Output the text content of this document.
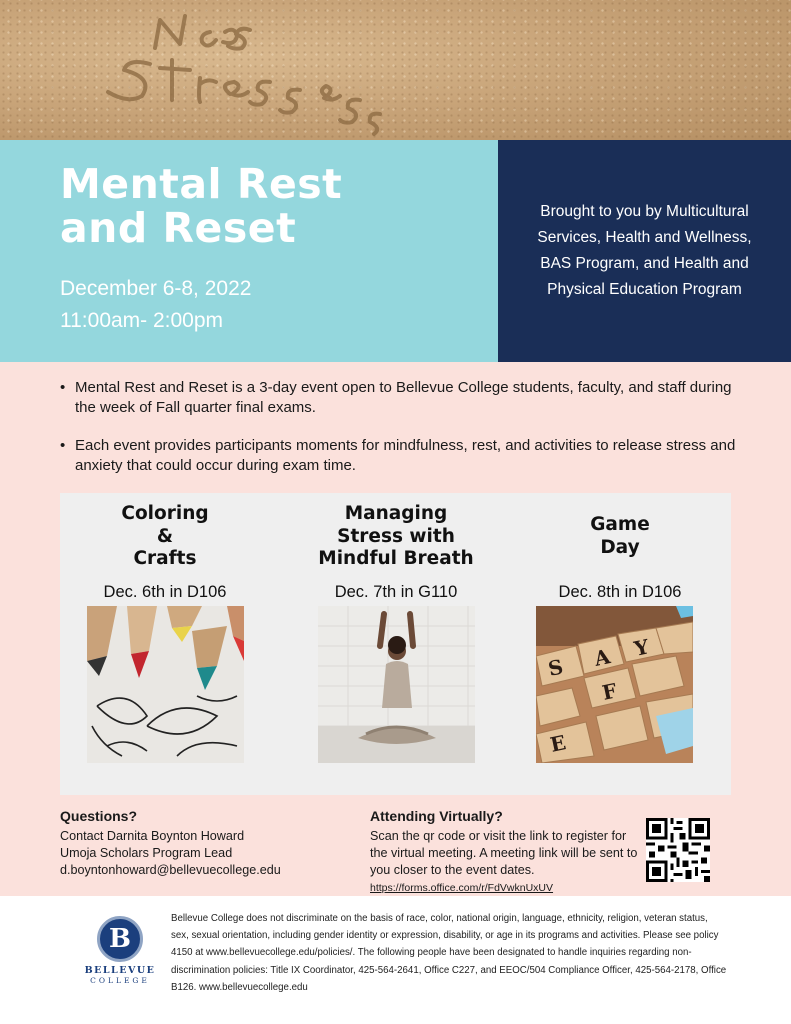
No Stress
Mental Rest and Reset
December 6-8, 2022
11:00am- 2:00pm

Brought to you by Multicultural Services, Health and Wellness, BAS Program, and Health and Physical Education Program

• Mental Rest and Reset is a 3-day event open to Bellevue College students, faculty, and staff during the week of Fall quarter final exams.
• Each event provides participants moments for mindfulness, rest, and activities to release stress and anxiety that could occur during exam time.
Coloring
&
Crafts
Dec. 6th in D106
Managing
Stress with
Mindful Breath
Dec. 7th in G110
Game
Day
Dec. 8th in D106
S A Y
F
E
Questions?
Contact Darnita Boynton Howard
Umoja Scholars Program Lead
d.boyntonhoward@bellevuecollege.edu
Attending Virtually?
Scan the qr code or visit the link to register for the virtual meeting. A meeting link will be sent to you closer to the event dates.
https://forms.office.com/r/FdVwknUxUV
B
BELLEVUE
COLLEGE
Bellevue College does not discriminate on the basis of race, color, national origin, language, ethnicity, religion, veteran status, sex, sexual orientation, including gender identity or expression, disability, or age in its programs and activities. Please see policy 4150 at www.bellevuecollege.edu/policies/. The following people have been designated to handle inquiries regarding non-discrimination policies: Title IX Coordinator, 425-564-2641, Office C227, and EEOC/504 Compliance Officer, 425-564-2178, Office B126. www.bellevuecollege.edu
